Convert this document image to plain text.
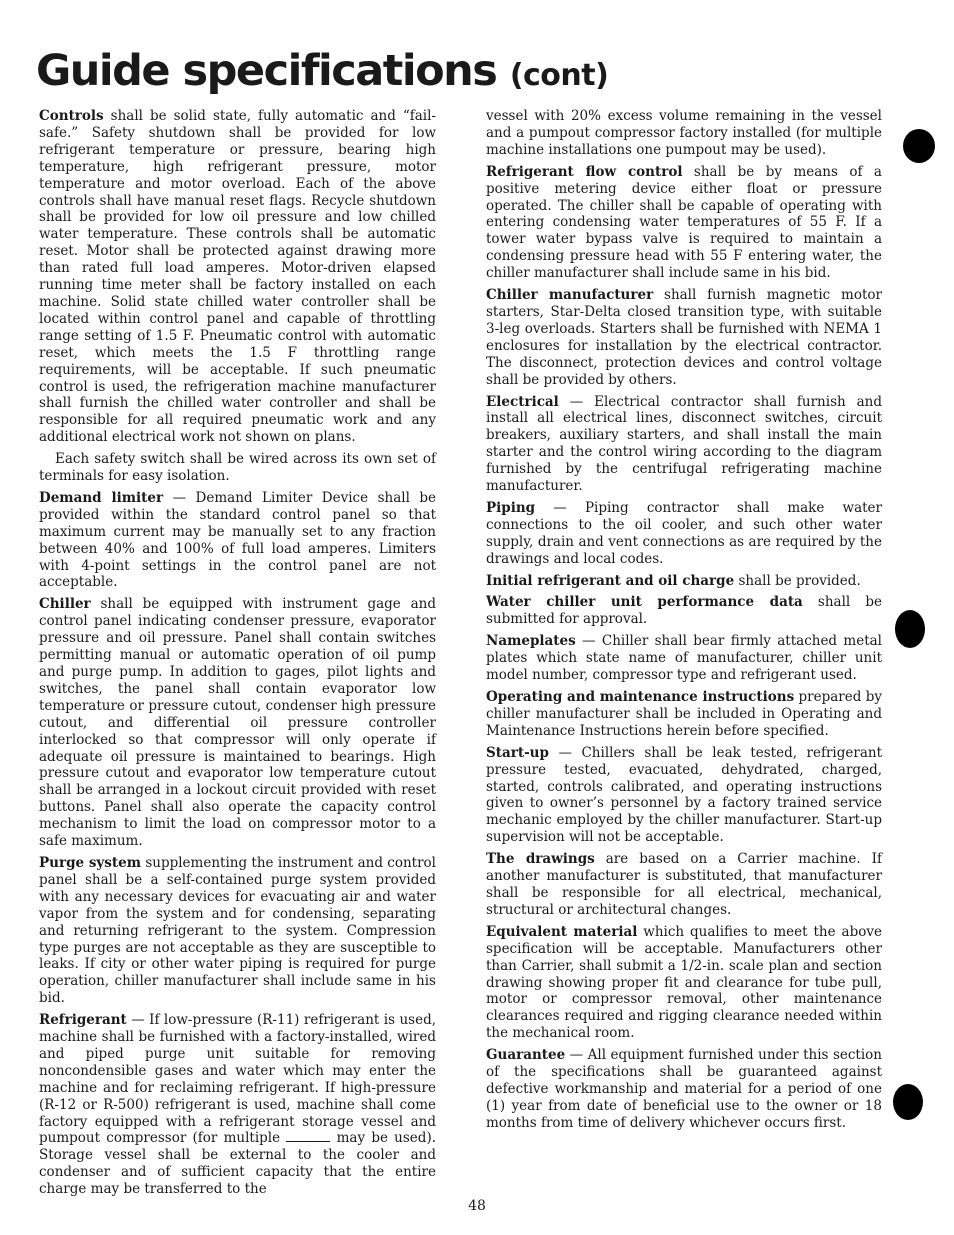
Guide specifications (cont)

Controls shall be solid state, fully automatic and “fail-safe.” Safety shutdown shall be provided for low refrigerant temperature or pressure, bearing high temperature, high refrigerant pressure, motor temperature and motor overload. Each of the above controls shall have manual reset flags. Recycle shutdown shall be provided for low oil pressure and low chilled water temperature. These controls shall be automatic reset. Motor shall be protected against drawing more than rated full load amperes. Motor-driven elapsed running time meter shall be factory installed on each machine. Solid state chilled water controller shall be located within control panel and capable of throttling range setting of 1.5 F. Pneumatic control with automatic reset, which meets the 1.5 F throttling range requirements, will be acceptable. If such pneumatic control is used, the refrigeration machine manufacturer shall furnish the chilled water controller and shall be responsible for all required pneumatic work and any additional electrical work not shown on plans.

Each safety switch shall be wired across its own set of terminals for easy isolation.

Demand limiter — Demand Limiter Device shall be provided within the standard control panel so that maximum current may be manually set to any fraction between 40% and 100% of full load amperes. Limiters with 4-point settings in the control panel are not acceptable.

Chiller shall be equipped with instrument gage and control panel indicating condenser pressure, evaporator pressure and oil pressure. Panel shall contain switches permitting manual or automatic operation of oil pump and purge pump. In addition to gages, pilot lights and switches, the panel shall contain evaporator low temperature or pressure cutout, condenser high pressure cutout, and differential oil pressure controller interlocked so that compressor will only operate if adequate oil pressure is maintained to bearings. High pressure cutout and evaporator low temperature cutout shall be arranged in a lockout circuit provided with reset buttons. Panel shall also operate the capacity control mechanism to limit the load on compressor motor to a safe maximum.

Purge system supplementing the instrument and control panel shall be a self-contained purge system provided with any necessary devices for evacuating air and water vapor from the system and for condensing, separating and returning refrigerant to the system. Compression type purges are not acceptable as they are susceptible to leaks. If city or other water piping is required for purge operation, chiller manufacturer shall include same in his bid.

Refrigerant — If low-pressure (R-11) refrigerant is used, machine shall be furnished with a factory-installed, wired and piped purge unit suitable for removing noncondensible gases and water which may enter the machine and for reclaiming refrigerant. If high-pressure (R-12 or R-500) refrigerant is used, machine shall come factory equipped with a refrigerant storage vessel and pumpout compressor (for multiple	may be used). Storage vessel shall be external to the cooler and condenser and of sufficient capacity that the entire charge may be transferred to the

vessel with 20% excess volume remaining in the vessel and a pumpout compressor factory installed (for multiple machine installations one pumpout may be used).

Refrigerant flow control shall be by means of a positive metering device either float or pressure operated. The chiller shall be capable of operating with entering condensing water temperatures of 55 F. If a tower water bypass valve is required to maintain a condensing pressure head with 55 F entering water, the chiller manufacturer shall include same in his bid.

Chiller manufacturer shall furnish magnetic motor starters, Star-Delta closed transition type, with suitable 3-leg overloads. Starters shall be furnished with NEMA 1 enclosures for installation by the electrical contractor. The disconnect, protection devices and control voltage shall be provided by others.

Electrical — Electrical contractor shall furnish and install all electrical lines, disconnect switches, circuit breakers, auxiliary starters, and shall install the main starter and the control wiring according to the diagram furnished by the centrifugal refrigerating machine manufacturer.

Piping — Piping contractor shall make water connections to the oil cooler, and such other water supply, drain and vent connections as are required by the drawings and local codes.

Initial refrigerant and oil charge shall be provided.

Water chiller unit performance data shall be submitted for approval.

Nameplates — Chiller shall bear firmly attached metal plates which state name of manufacturer, chiller unit model number, compressor type and refrigerant used.

Operating and maintenance instructions prepared by chiller manufacturer shall be included in Operating and Maintenance Instructions herein before specified.

Start-up — Chillers shall be leak tested, refrigerant pressure tested, evacuated, dehydrated, charged, started, controls calibrated, and operating instructions given to owner’s personnel by a factory trained service mechanic employed by the chiller manufacturer. Start-up supervision will not be acceptable.

The drawings are based on a Carrier machine. If another manufacturer is substituted, that manufacturer shall be responsible for all electrical, mechanical, structural or architectural changes.

Equivalent material which qualifies to meet the above specification will be acceptable. Manufacturers other than Carrier, shall submit a 1/2-in. scale plan and section drawing showing proper fit and clearance for tube pull, motor or compressor removal, other maintenance clearances required and rigging clearance needed within the mechanical room.

Guarantee — All equipment furnished under this section of the specifications shall be guaranteed against defective workmanship and material for a period of one (1) year from date of beneficial use to the owner or 18 months from time of delivery whichever occurs first.

48
